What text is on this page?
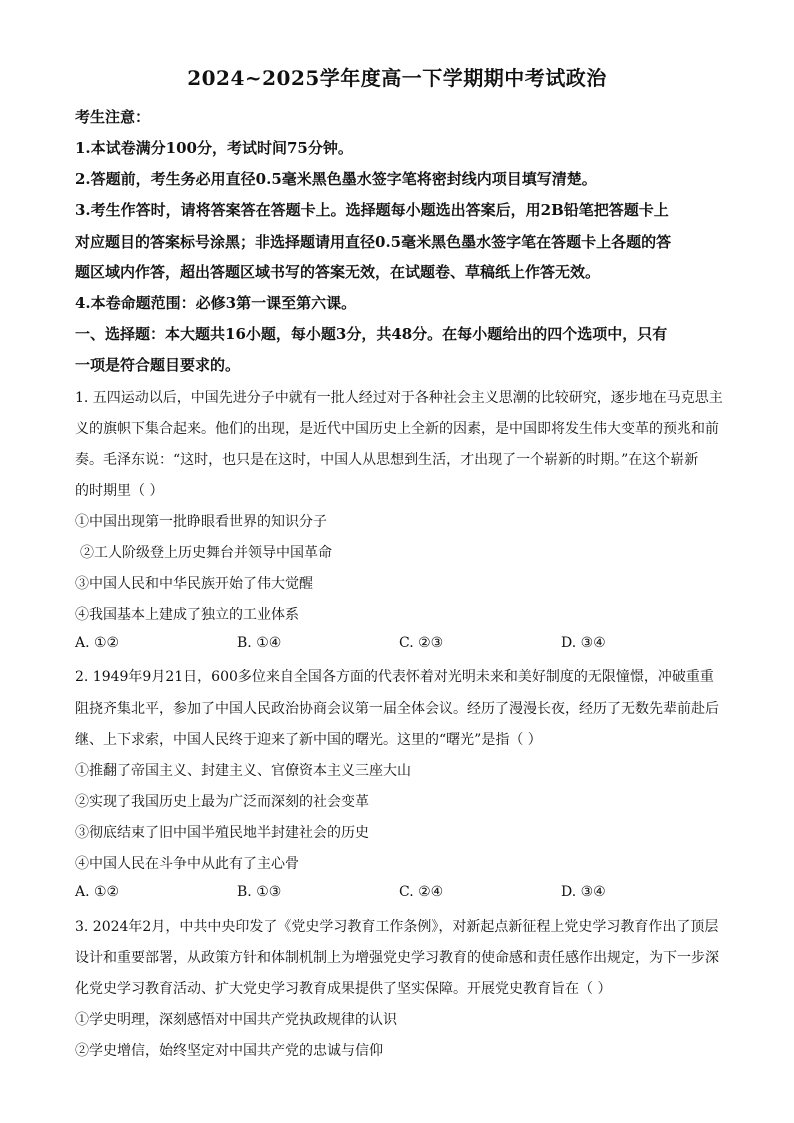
2024~2025学年度高一下学期期中考试政治
考生注意：
1.本试卷满分100分，考试时间75分钟。
2.答题前，考生务必用直径0.5毫米黑色墨水签字笔将密封线内项目填写清楚。
3.考生作答时，请将答案答在答题卡上。选择题每小题选出答案后，用2B铅笔把答题卡上
对应题目的答案标号涂黑；非选择题请用直径0.5毫米黑色墨水签字笔在答题卡上各题的答
题区域内作答，超出答题区域书写的答案无效，在试题卷、草稿纸上作答无效。
4.本卷命题范围：必修3第一课至第六课。
一、选择题：本大题共16小题，每小题3分，共48分。在每小题给出的四个选项中，只有
一项是符合题目要求的。
1. 五四运动以后，中国先进分子中就有一批人经过对于各种社会主义思潮的比较研究，逐步地在马克思主
义的旗帜下集合起来。他们的出现，是近代中国历史上全新的因素，是中国即将发生伟大变革的预兆和前
奏。毛泽东说：“这时，也只是在这时，中国人从思想到生活，才出现了一个崭新的时期。”在这个崭新
的时期里（ ）
①中国出现第一批睁眼看世界的知识分子
②工人阶级登上历史舞台并领导中国革命
③中国人民和中华民族开始了伟大觉醒
④我国基本上建成了独立的工业体系
A. ①②	B. ①④	C. ②③	D. ③④
2. 1949年9月21日，600多位来自全国各方面的代表怀着对光明未来和美好制度的无限憧憬，冲破重重
阻挠齐集北平，参加了中国人民政治协商会议第一届全体会议。经历了漫漫长夜，经历了无数先辈前赴后
继、上下求索，中国人民终于迎来了新中国的曙光。这里的“曙光”是指（ ）
①推翻了帝国主义、封建主义、官僚资本主义三座大山
②实现了我国历史上最为广泛而深刻的社会变革
③彻底结束了旧中国半殖民地半封建社会的历史
④中国人民在斗争中从此有了主心骨
A. ①②	B. ①③	C. ②④	D. ③④
3. 2024年2月，中共中央印发了《党史学习教育工作条例》，对新起点新征程上党史学习教育作出了顶层
设计和重要部署，从政策方针和体制机制上为增强党史学习教育的使命感和责任感作出规定，为下一步深
化党史学习教育活动、扩大党史学习教育成果提供了坚实保障。开展党史教育旨在（ ）
①学史明理，深刻感悟对中国共产党执政规律的认识
②学史增信，始终坚定对中国共产党的忠诚与信仰
